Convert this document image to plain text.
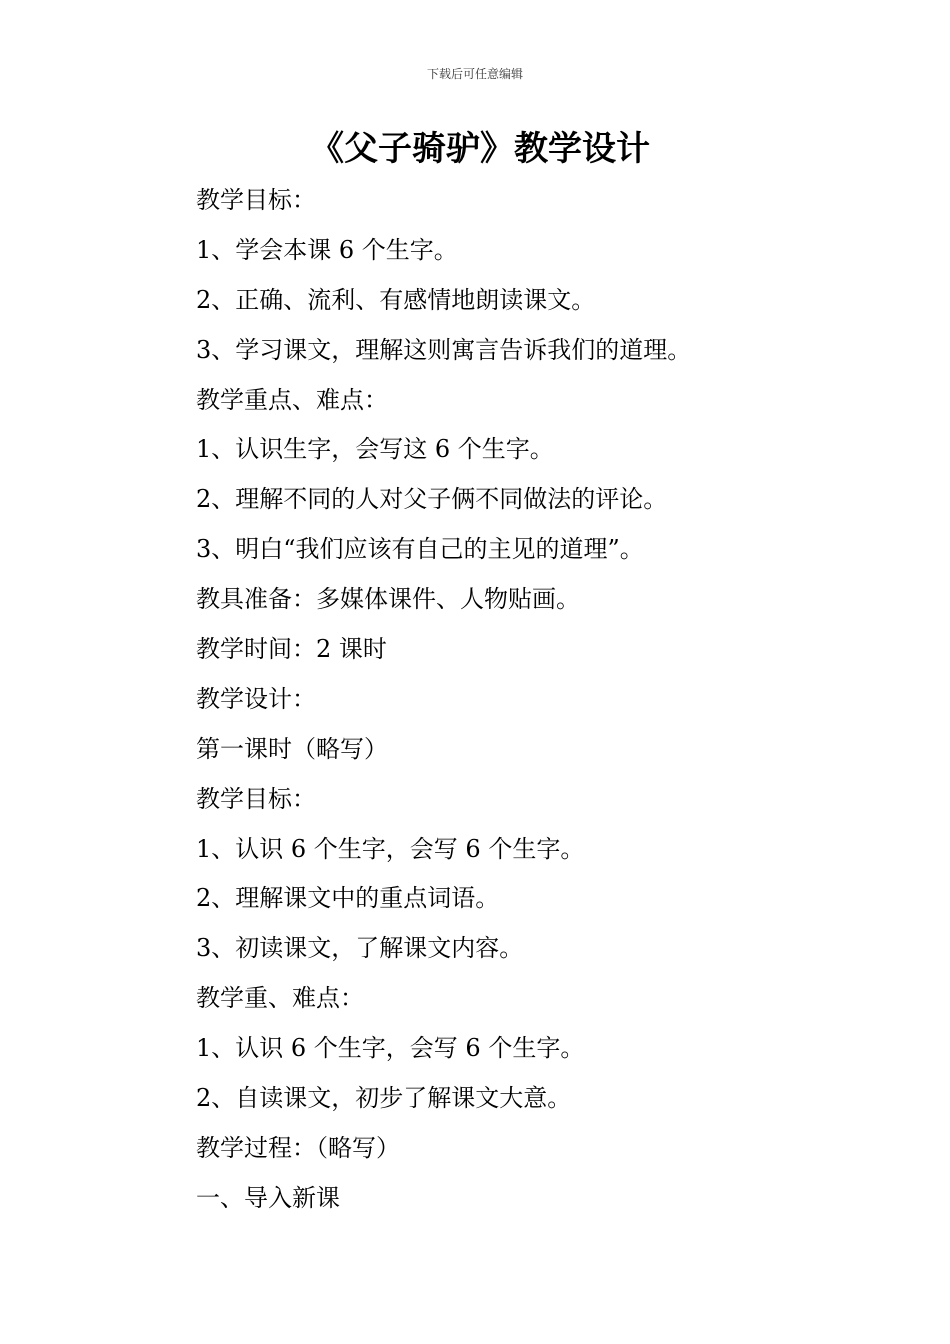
下载后可任意编辑
《父子骑驴》教学设计
教学目标：
1、学会本课 6 个生字。
2、正确、流利、有感情地朗读课文。
3、学习课文，理解这则寓言告诉我们的道理。
教学重点、难点：
1、认识生字，会写这 6 个生字。
2、理解不同的人对父子俩不同做法的评论。
3、明白“我们应该有自己的主见的道理”。
教具准备：多媒体课件、人物贴画。
教学时间：2 课时
教学设计：
第一课时（略写）
教学目标：
1、认识 6 个生字，会写 6 个生字。
2、理解课文中的重点词语。
3、初读课文，了解课文内容。
教学重、难点：
1、认识 6 个生字，会写 6 个生字。
2、自读课文，初步了解课文大意。
教学过程：（略写）
一、导入新课
